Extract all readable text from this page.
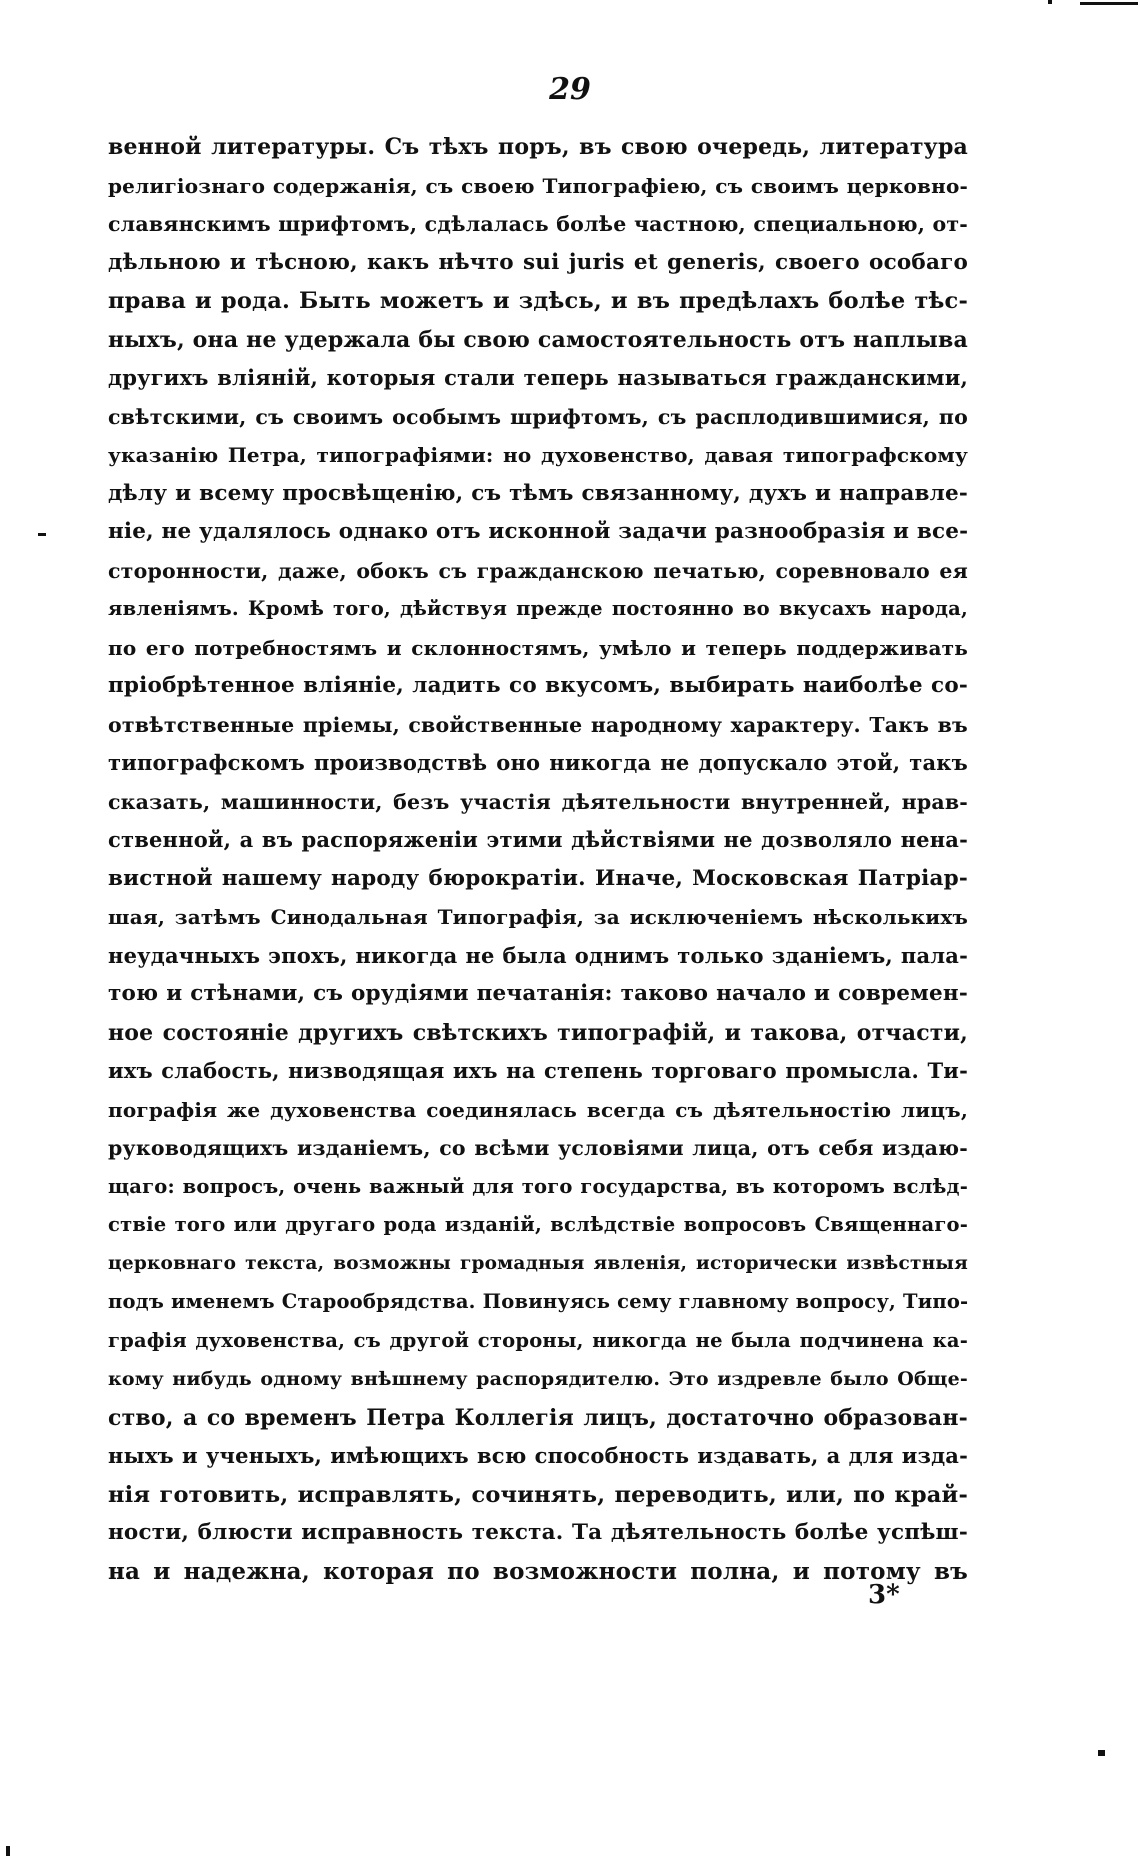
29
венной литературы. Съ тѣхъ поръ, въ свою очередь, литература
религіознаго содержанія, съ своею Типографіею, съ своимъ церковно-
славянскимъ шрифтомъ, сдѣлалась болѣе частною, специальною, от-
дѣльною и тѣсною, какъ нѣчто sui juris et generis, своего особаго
права и рода. Быть можетъ и здѣсь, и въ предѣлахъ болѣе тѣс-
ныхъ, она не удержала бы свою самостоятельность отъ наплыва
другихъ вліяній, которыя стали теперь называться гражданскими,
свѣтскими, съ своимъ особымъ шрифтомъ, съ расплодившимися, по
указанію Петра, типографіями: но духовенство, давая типографскому
дѣлу и всему просвѣщенію, съ тѣмъ связанному, духъ и направле-
ніе, не удалялось однако отъ исконной задачи разнообразія и все-
сторонности, даже, обокъ съ гражданскою печатью, соревновало ея
явленіямъ. Кромѣ того, дѣйствуя прежде постоянно во вкусахъ народа,
по его потребностямъ и склонностямъ, умѣло и теперь поддерживать
пріобрѣтенное вліяніе, ладить со вкусомъ, выбирать наиболѣе со-
отвѣтственные пріемы, свойственные народному характеру. Такъ въ
типографскомъ производствѣ оно никогда не допускало этой, такъ
сказать, машинности, безъ участія дѣятельности внутренней, нрав-
ственной, а въ распоряженіи этими дѣйствіями не дозволяло нена-
вистной нашему народу бюрократіи. Иначе, Московская Патріар-
шая, затѣмъ Синодальная Типографія, за исключеніемъ нѣсколькихъ
неудачныхъ эпохъ, никогда не была однимъ только зданіемъ, пала-
тою и стѣнами, съ орудіями печатанія: таково начало и современ-
ное состояніе другихъ свѣтскихъ типографій, и такова, отчасти,
ихъ слабость, низводящая ихъ на степень торговаго промысла. Ти-
пографія же духовенства соединялась всегда съ дѣятельностію лицъ,
руководящихъ изданіемъ, со всѣми условіями лица, отъ себя издаю-
щаго: вопросъ, очень важный для того государства, въ которомъ вслѣд-
ствіе того или другаго рода изданій, вслѣдствіе вопросовъ Священнаго-
церковнаго текста, возможны громадныя явленія, исторически извѣстныя
подъ именемъ Старообрядства. Повинуясь сему главному вопросу, Типо-
графія духовенства, съ другой стороны, никогда не была подчинена ка-
кому нибудь одному внѣшнему распорядителю. Это издревле было Обще-
ство, а со временъ Петра Коллегія лицъ, достаточно образован-
ныхъ и ученыхъ, имѣющихъ всю способность издавать, а для изда-
нія готовить, исправлять, сочинять, переводить, или, по край-
ности, блюсти исправность текста. Та дѣятельность болѣе успѣш-
на и надежна, которая по возможности полна, и потому въ
3*
